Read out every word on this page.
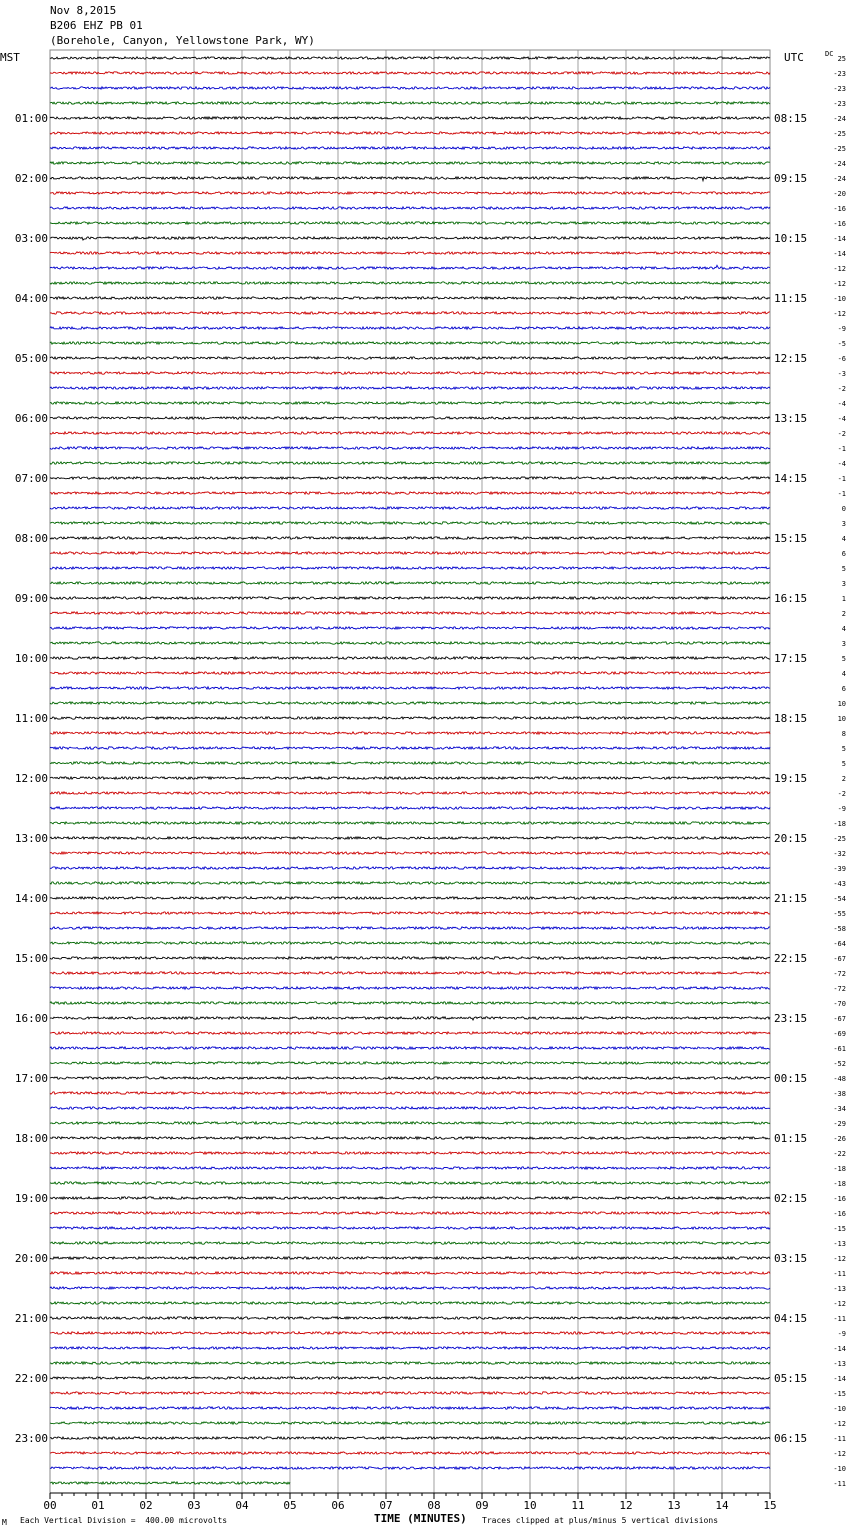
Nov 8,2015
B206 EHZ PB 01
(Borehole, Canyon, Yellowstone Park, WY)
25
-23
-23
-23
-24
-25
-25
-24
-24
-20
-16
-16
-14
-14
-12
-12
-10
-12
-9
-5
-6
-3
-2
-4
-4
-2
-1
-4
-1
-1
0
3
4
6
5
3
1
2
4
3
5
4
6
10
10
8
5
5
2
-2
-9
-18
-25
-32
-39
-43
-54
-55
-58
-64
-67
-72
-72
-70
-67
-69
-61
-52
-48
-38
-34
-29
-26
-22
-18
-18
-16
-16
-15
-13
-12
-11
-13
-12
-11
-9
-14
-13
-14
-15
-10
-12
-11
-12
-10
-11
MST	UTC	DC
01:00	08:15
02:00	09:15
03:00	10:15
04:00	11:15
05:00	12:15
06:00	13:15
07:00	14:15
08:00	15:15
09:00	16:15
10:00	17:15
11:00	18:15
12:00	19:15
13:00	20:15
14:00	21:15
15:00	22:15
16:00	23:15
17:00	00:15
18:00	01:15
19:00	02:15
20:00	03:15
21:00	04:15
22:00	05:15
23:00	06:15
00	01	02	03	04	05	06	07	08	09	10	11	12	13	14	15
M Each Vertical Division =  400.00 microvolts	TIME (MINUTES) Traces clipped at plus/minus 5 vertical divisions
